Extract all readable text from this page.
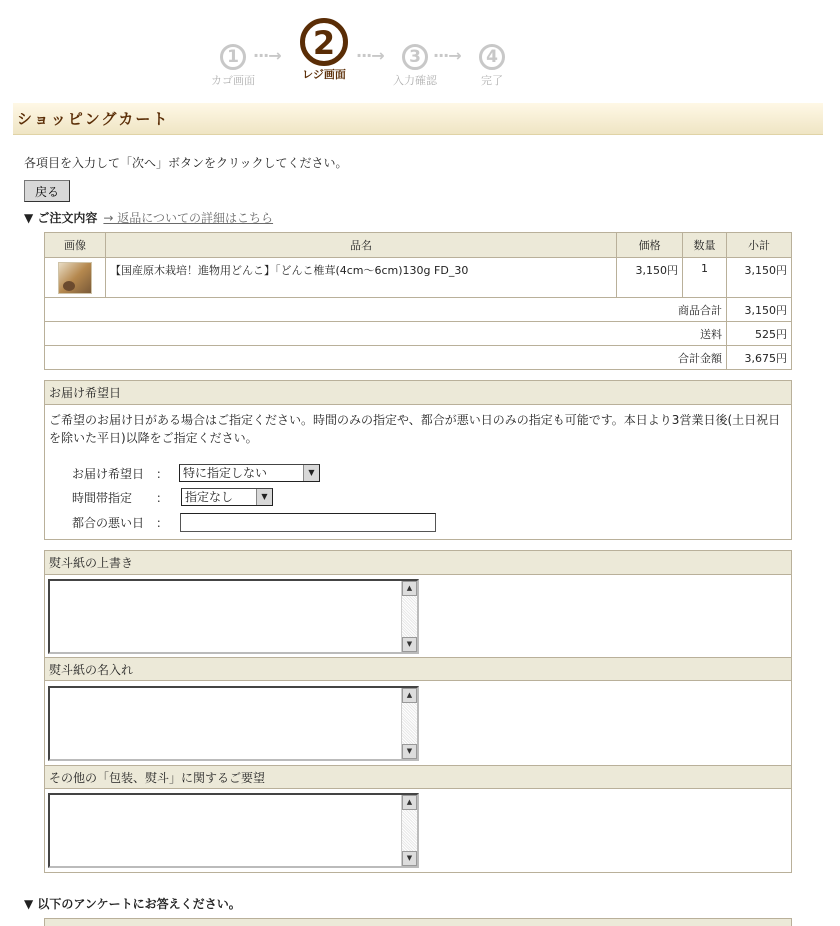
1
カゴ画面
···→	2
レジ画面
···→	3
入力確認
···→	4
完了
ショッピングカート
各項目を入力して「次へ」ボタンをクリックしてください。
戻る
▼ ご注文内容 → 返品についての詳細はこちら
画像	品名	価格	数量	小計

	【国産原木栽培！進物用どんこ】「どんこ椎茸(4cm〜6cm)130g FD_30	3,150円	1	3,150円
商品合計				3,150円
送料				525円
合計金額				3,675円
お届け希望日
ご希望のお届け日がある場合はご指定ください。時間のみの指定や、都合が悪い日のみの指定も可能です。本日より3営業日後(土日祝日を除いた平日)以降をご指定ください。
お届け希望日　：	特に指定しない	▼
時間帯指定　　：	指定なし	▼
都合の悪い日　：
熨斗紙の上書き
▲
▼
熨斗紙の名入れ
▲
▼
その他の「包装、熨斗」に関するご要望
▲
▼
▼ 以下のアンケートにお答えください。
